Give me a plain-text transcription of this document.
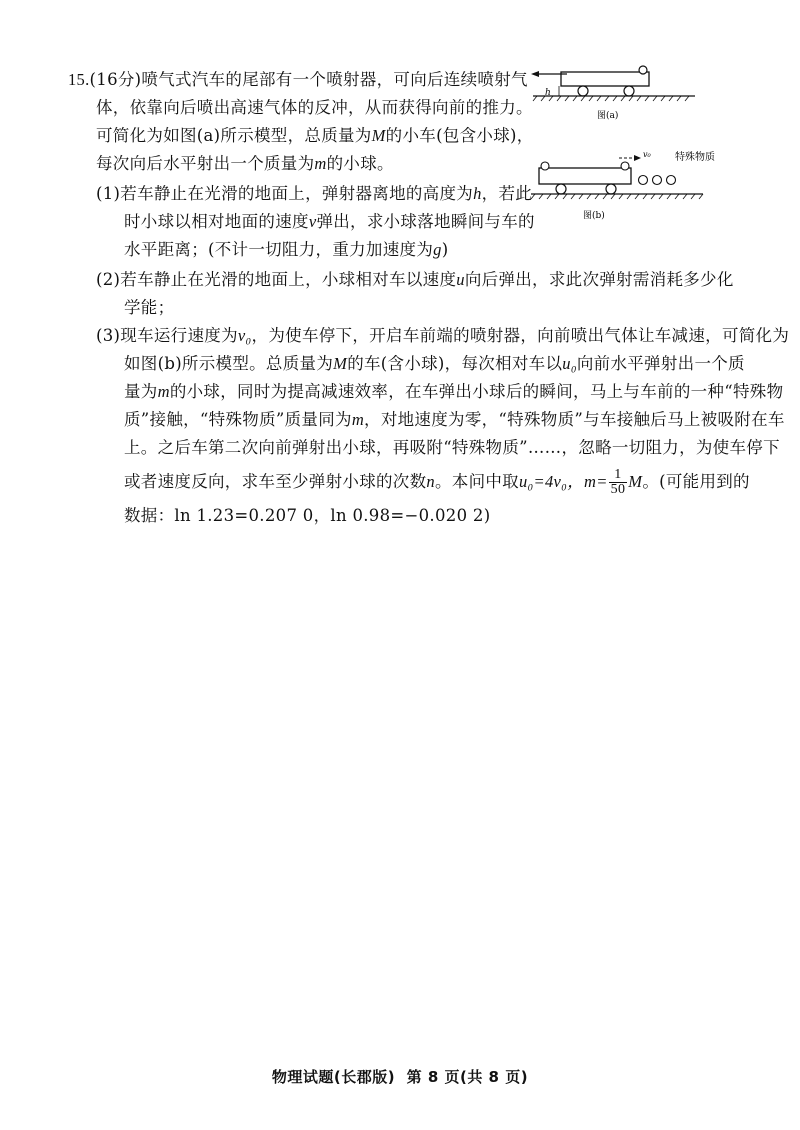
15.(16分)喷气式汽车的尾部有一个喷射器，可向后连续喷射气
体，依靠向后喷出高速气体的反冲，从而获得向前的推力。
可简化为如图(a)所示模型，总质量为M的小车(包含小球)，
每次向后水平射出一个质量为m的小球。
(1)若车静止在光滑的地面上，弹射器离地的高度为h，若此
时小球以相对地面的速度v弹出，求小球落地瞬间与车的
水平距离；(不计一切阻力，重力加速度为g)
(2)若车静止在光滑的地面上，小球相对车以速度u向后弹出，求此次弹射需消耗多少化
学能；
(3)现车运行速度为v₀，为使车停下，开启车前端的喷射器，向前喷出气体让车减速，可简化为
如图(b)所示模型。总质量为M的车(含小球)，每次相对车以u₀向前水平弹射出一个质
量为m的小球，同时为提高减速效率，在车弹出小球后的瞬间，马上与车前的一种“特殊物
质”接触，“特殊物质”质量同为m，对地速度为零，“特殊物质”与车接触后马上被吸附在车
上。之后车第二次向前弹射出小球，再吸附“特殊物质”……，忽略一切阻力，为使车停下
或者速度反向，求车至少弹射小球的次数n。本问中取u₀=4v₀，$m= \frac{1}{50}$ M。(可能用到的
数据：ln 1.23=0.207 0，ln 0.98=−0.020 2)
h
图(a)
v₀ 特殊物质
图(b)
物理试题(长郡版) 第 8 页(共 8 页)
